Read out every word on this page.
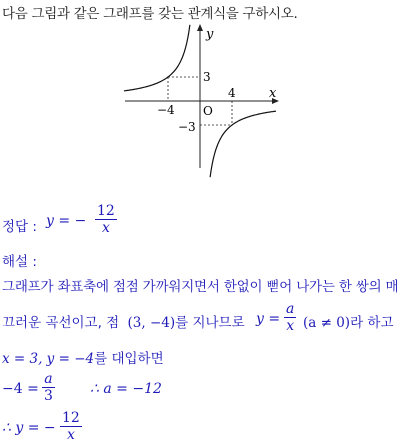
다음 그림과 같은 그래프를 갖는 관계식을 구하시오.
y
x
O
−4
4
3
−3
정답 : y = − $\frac{12}{x}$
해설 :
그래프가 좌표축에 점점 가까워지면서 한없이 뻗어 나가는 한 쌍의 매
끄러운 곡선이고, 점 (3, −4)를 지나므로 $y = \frac{a}{x} (a \ne 0)$라 하고
x = 3, y = −4를 대입하면
$-4 = \frac{a}{3}$	∴ a = −12
∴ y = − $\frac{12}{x}$
